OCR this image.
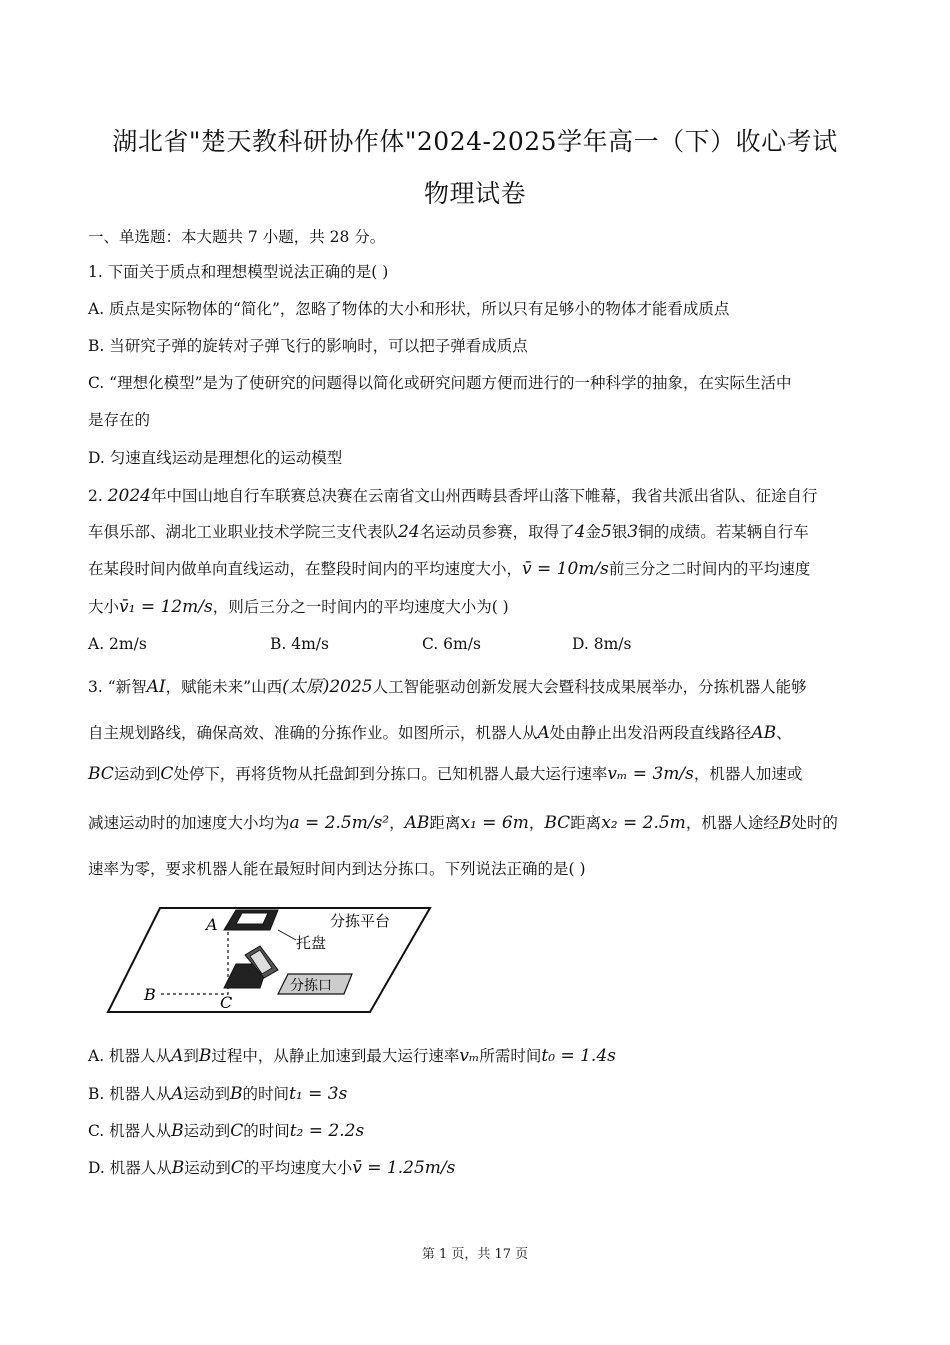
湖北省"楚天教科研协作体"2024-2025学年高一（下）收心考试
物理试卷
一、单选题：本大题共 7 小题，共 28 分。
1. 下面关于质点和理想模型说法正确的是( )
A. 质点是实际物体的“简化”，忽略了物体的大小和形状，所以只有足够小的物体才能看成质点
B. 当研究子弹的旋转对子弹飞行的影响时，可以把子弹看成质点
C. “理想化模型”是为了使研究的问题得以简化或研究问题方便而进行的一种科学的抽象，在实际生活中
是存在的
D. 匀速直线运动是理想化的运动模型
2. 2024年中国山地自行车联赛总决赛在云南省文山州西畴县香坪山落下帷幕，我省共派出省队、征途自行
车俱乐部、湖北工业职业技术学院三支代表队24名运动员参赛，取得了4金5银3铜的成绩。若某辆自行车
在某段时间内做单向直线运动，在整段时间内的平均速度大小，v̄ = 10m/s前三分之二时间内的平均速度
大小v̄₁ = 12m/s，则后三分之一时间内的平均速度大小为( )
A. 2m/s	B. 4m/s	C. 6m/s	D. 8m/s
3. “新智AI，赋能未来”山西(太原)2025人工智能驱动创新发展大会暨科技成果展举办，分拣机器人能够
自主规划路线，确保高效、准确的分拣作业。如图所示，机器人从A处由静止出发沿两段直线路径AB、
BC运动到C处停下，再将货物从托盘卸到分拣口。已知机器人最大运行速率vₘ = 3m/s，机器人加速或
减速运动时的加速度大小均为a = 2.5m/s²，AB距离x₁ = 6m，BC距离x₂ = 2.5m，机器人途经B处时的
速率为零，要求机器人能在最短时间内到达分拣口。下列说法正确的是( )
分拣平台
托盘
分拣口
A
B	C
A. 机器人从A到B过程中，从静止加速到最大运行速率vₘ所需时间t₀ = 1.4s
B. 机器人从A运动到B的时间t₁ = 3s
C. 机器人从B运动到C的时间t₂ = 2.2s
D. 机器人从B运动到C的平均速度大小v̄ = 1.25m/s
第 1 页，共 17 页
